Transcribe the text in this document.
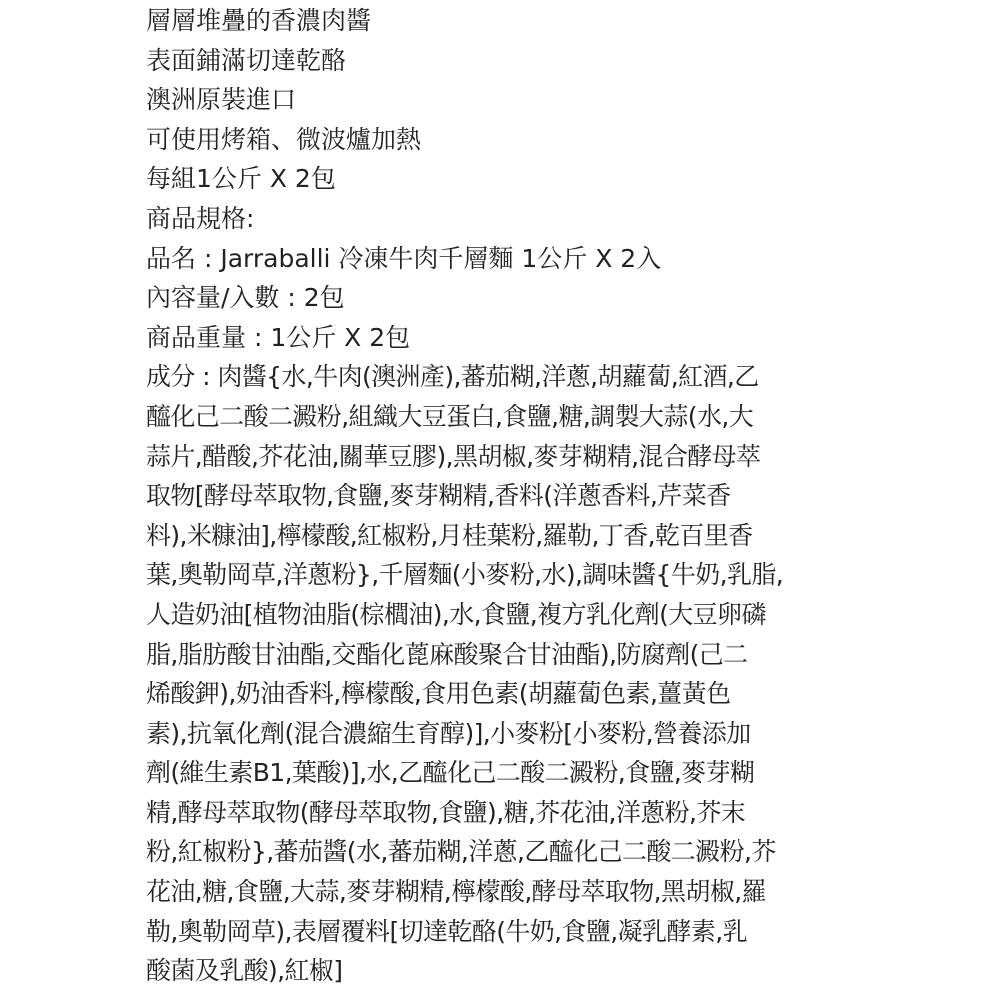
層層堆疊的香濃肉醬
表面鋪滿切達乾酪
澳洲原裝進口
可使用烤箱、微波爐加熱
每組1公斤 X 2包
商品規格:
品名 : Jarraballi 冷凍牛肉千層麵 1公斤 X 2入
內容量/入數 : 2包
商品重量 : 1公斤 X 2包
成分 : 肉醬{水,牛肉(澳洲產),蕃茄糊,洋蔥,胡蘿蔔,紅酒,乙
醯化己二酸二澱粉,組織大豆蛋白,食鹽,糖,調製大蒜(水,大
蒜片,醋酸,芥花油,關華豆膠),黑胡椒,麥芽糊精,混合酵母萃
取物[酵母萃取物,食鹽,麥芽糊精,香料(洋蔥香料,芹菜香
料),米糠油],檸檬酸,紅椒粉,月桂葉粉,羅勒,丁香,乾百里香
葉,奧勒岡草,洋蔥粉},千層麵(小麥粉,水),調味醬{牛奶,乳脂,
人造奶油[植物油脂(棕櫚油),水,食鹽,複方乳化劑(大豆卵磷
脂,脂肪酸甘油酯,交酯化蓖麻酸聚合甘油酯),防腐劑(己二
烯酸鉀),奶油香料,檸檬酸,食用色素(胡蘿蔔色素,薑黃色
素),抗氧化劑(混合濃縮生育醇)],小麥粉[小麥粉,營養添加
劑(維生素B1,葉酸)],水,乙醯化己二酸二澱粉,食鹽,麥芽糊
精,酵母萃取物(酵母萃取物,食鹽),糖,芥花油,洋蔥粉,芥末
粉,紅椒粉},蕃茄醬(水,蕃茄糊,洋蔥,乙醯化己二酸二澱粉,芥
花油,糖,食鹽,大蒜,麥芽糊精,檸檬酸,酵母萃取物,黑胡椒,羅
勒,奧勒岡草),表層覆料[切達乾酪(牛奶,食鹽,凝乳酵素,乳
酸菌及乳酸),紅椒]
